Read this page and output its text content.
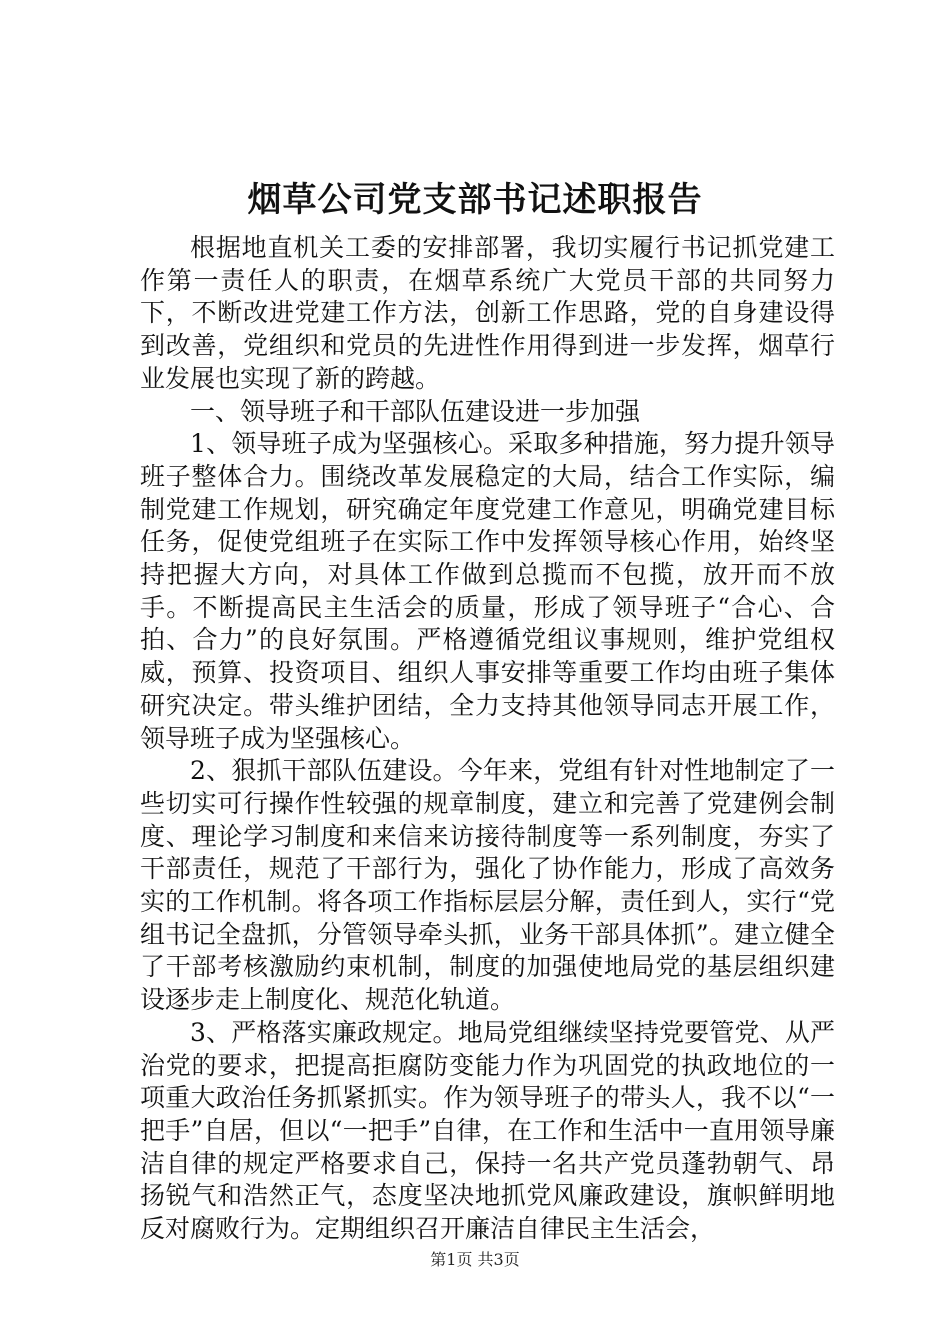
烟草公司党支部书记述职报告

根据地直机关工委的安排部署，我切实履行书记抓党建工作第一责任人的职责，在烟草系统广大党员干部的共同努力下，不断改进党建工作方法，创新工作思路，党的自身建设得到改善，党组织和党员的先进性作用得到进一步发挥，烟草行业发展也实现了新的跨越。

一、领导班子和干部队伍建设进一步加强

1、领导班子成为坚强核心。采取多种措施，努力提升领导班子整体合力。围绕改革发展稳定的大局，结合工作实际，编制党建工作规划，研究确定年度党建工作意见，明确党建目标任务，促使党组班子在实际工作中发挥领导核心作用，始终坚持把握大方向，对具体工作做到总揽而不包揽，放开而不放手。不断提高民主生活会的质量，形成了领导班子“合心、合拍、合力”的良好氛围。严格遵循党组议事规则，维护党组权威，预算、投资项目、组织人事安排等重要工作均由班子集体研究决定。带头维护团结，全力支持其他领导同志开展工作，领导班子成为坚强核心。

2、狠抓干部队伍建设。今年来，党组有针对性地制定了一些切实可行操作性较强的规章制度，建立和完善了党建例会制度、理论学习制度和来信来访接待制度等一系列制度，夯实了干部责任，规范了干部行为，强化了协作能力，形成了高效务实的工作机制。将各项工作指标层层分解，责任到人，实行“党组书记全盘抓，分管领导牵头抓，业务干部具体抓”。建立健全了干部考核激励约束机制，制度的加强使地局党的基层组织建设逐步走上制度化、规范化轨道。

3、严格落实廉政规定。地局党组继续坚持党要管党、从严治党的要求，把提高拒腐防变能力作为巩固党的执政地位的一项重大政治任务抓紧抓实。作为领导班子的带头人，我不以“一把手”自居，但以“一把手”自律，在工作和生活中一直用领导廉洁自律的规定严格要求自己，保持一名共产党员蓬勃朝气、昂扬锐气和浩然正气，态度坚决地抓党风廉政建设，旗帜鲜明地反对腐败行为。定期组织召开廉洁自律民主生活会，

第1页 共3页
